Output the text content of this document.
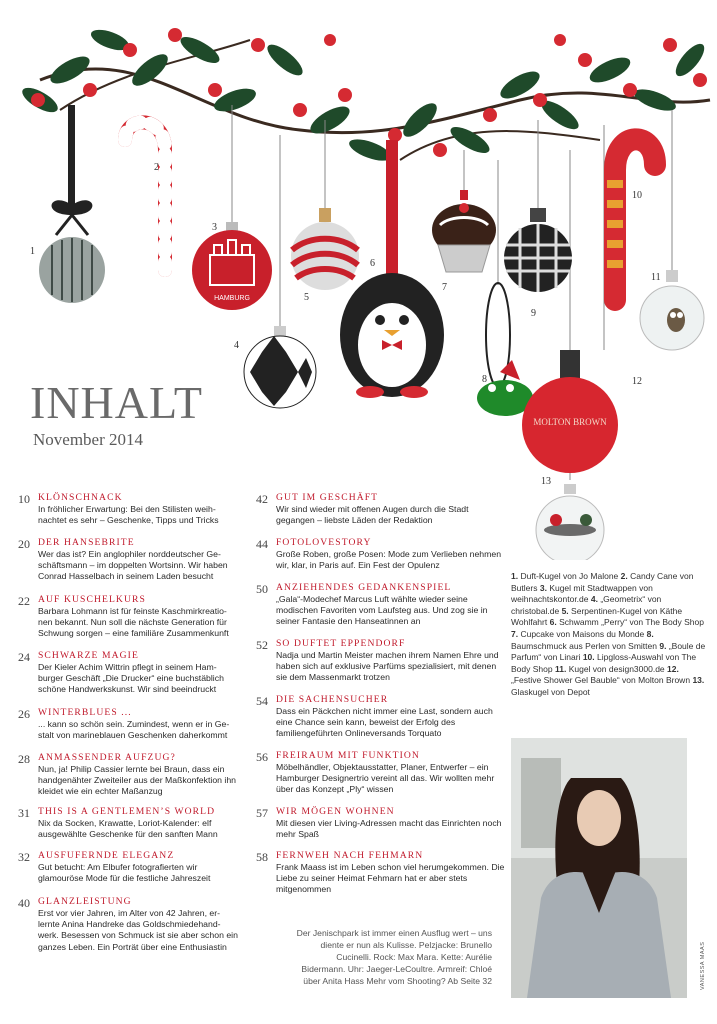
HAMBURG
MOLTON BROWN
1
2
3
4
5
6
7
8
9
10
11
12
13
INHALT
November 2014
10 KLÖNSCHNACK
In fröhlicher Erwartung: Bei den Stilisten weihnachtet es sehr – Geschenke, Tipps und Tricks
20 DER HANSEBRITE
Wer das ist? Ein anglophiler norddeutscher Geschäftsmann – im doppelten Wortsinn. Wir haben Conrad Hasselbach in seinem Laden besucht
22 AUF KUSCHELKURS
Barbara Lohmann ist für feinste Kaschmirkreationen bekannt. Nun soll die nächste Generation für Schwung sorgen – eine familiäre Zusammenkunft
24 SCHWARZE MAGIE
Der Kieler Achim Wittrin pflegt in seinem Hamburger Geschäft „Die Drucker“ eine buchstäblich schöne Handwerkskunst. Wir sind beeindruckt
26 WINTERBLUES ...
... kann so schön sein. Zumindest, wenn er in Gestalt von marineblauen Geschenken daherkommt
28 ANMASSENDER AUFZUG?
Nun, ja! Philip Cassier lernte bei Braun, dass ein handgenähter Zweiteiler aus der Maßkonfektion ihn kleidet wie ein echter Maßanzug
31 THIS IS A GENTLEMEN’S WORLD
Nix da Socken, Krawatte, Loriot-Kalender: elf ausgewählte Geschenke für den sanften Mann
32 AUSFUFERNDE ELEGANZ
Gut betucht: Am Elbufer fotografierten wir glamouröse Mode für die festliche Jahreszeit
40 GLANZLEISTUNG
Erst vor vier Jahren, im Alter von 42 Jahren, erlernte Anina Handreke das Goldschmiedehandwerk. Besessen von Schmuck ist sie aber schon ein ganzes Leben. Ein Porträt über eine Enthusiastin
42 GUT IM GESCHÄFT
Wir sind wieder mit offenen Augen durch die Stadt gegangen – liebste Läden der Redaktion
44 FOTOLOVESTORY
Große Roben, große Posen: Mode zum Verlieben nehmen wir, klar, in Paris auf. Ein Fest der Opulenz
50 ANZIEHENDES GEDANKENSPIEL
„Gala“-Modechef Marcus Luft wählte wieder seine modischen Favoriten vom Laufsteg aus. Und zog sie in seiner Fantasie den Hanseatinnen an
52 SO DUFTET EPPENDORF
Nadja und Martin Meister machen ihrem Namen Ehre und haben sich auf exklusive Parfüms spezialisiert, mit denen sie dem Massenmarkt trotzen
54 DIE SACHENSUCHER
Dass ein Päckchen nicht immer eine Last, sondern auch eine Chance sein kann, beweist der Erfolg des familiengeführten Onlineversands Torquato
56 FREIRAUM MIT FUNKTION
Möbelhändler, Objektausstatter, Planer, Entwerfer – ein Hamburger Designertrio vereint all das. Wir wollten mehr über das Konzept „Ply“ wissen
57 WIR MÖGEN WOHNEN
Mit diesen vier Living-Adressen macht das Einrichten noch mehr Spaß
58 FERNWEH NACH FEHMARN
Frank Maass ist im Leben schon viel herumgekommen. Die Liebe zu seiner Heimat Fehmarn hat er aber stets mitgenommen
1. Duft-Kugel von Jo Malone 2. Candy Cane von Butlers 3. Kugel mit Stadtwappen von weihnachtskontor.de 4. „Geometrix“ von christobal.de 5. Serpentinen-Kugel von Käthe Wohlfahrt 6. Schwamm „Perry“ von The Body Shop 7. Cupcake von Maisons du Monde 8. Baumschmuck aus Perlen von Smitten 9. „Boule de Parfum“ von Linari 10. Lipgloss-Auswahl von The Body Shop 11. Kugel von design3000.de 12. „Festive Shower Gel Bauble“ von Molton Brown 13. Glaskugel von Depot
VANESSA MAAS
Der Jenischpark ist immer einen Ausflug wert – uns diente er nun als Kulisse. Pelzjacke: Brunello Cucinelli. Rock: Max Mara. Kette: Aurélie Bidermann. Uhr: Jaeger-LeCoultre. Armreif: Chloé über Anita Hass Mehr vom Shooting? Ab Seite 32
